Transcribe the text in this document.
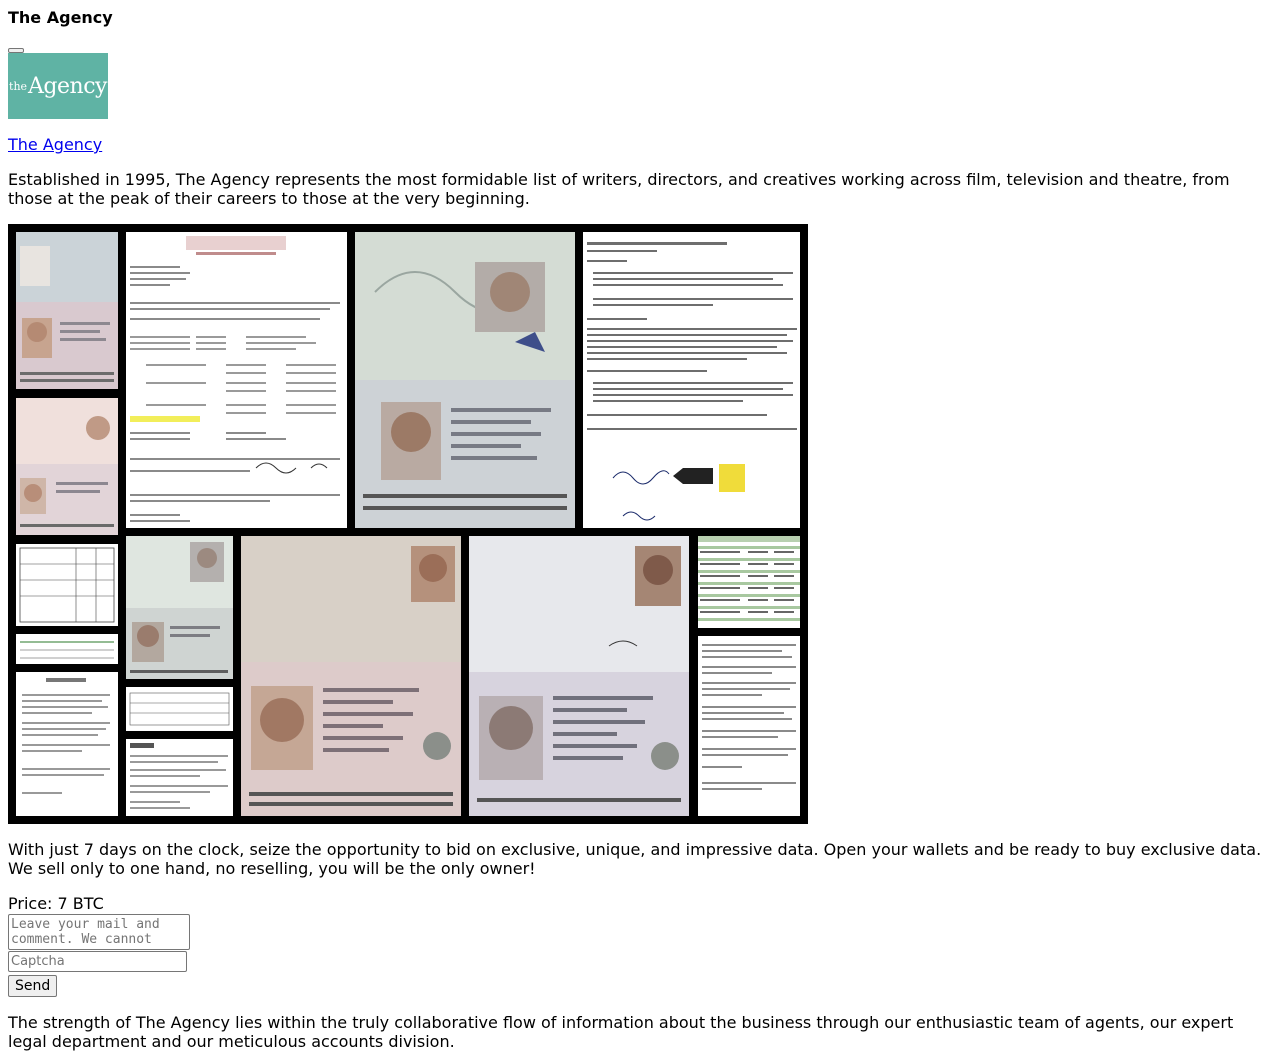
The Agency
the Agency
The Agency

Established in 1995, The Agency represents the most formidable list of writers, directors, and creatives working across film, television and theatre, from those at the peak of their careers to those at the very beginning.

With just 7 days on the clock, seize the opportunity to bid on exclusive, unique, and impressive data. Open your wallets and be ready to buy exclusive data. We sell only to one hand, no reselling, you will be the only owner!

Price: 7 BTC
Leave your mail and comment. We cannot
Captcha Send

The strength of The Agency lies within the truly collaborative flow of information about the business through our enthusiastic team of agents, our expert legal department and our meticulous accounts division.
